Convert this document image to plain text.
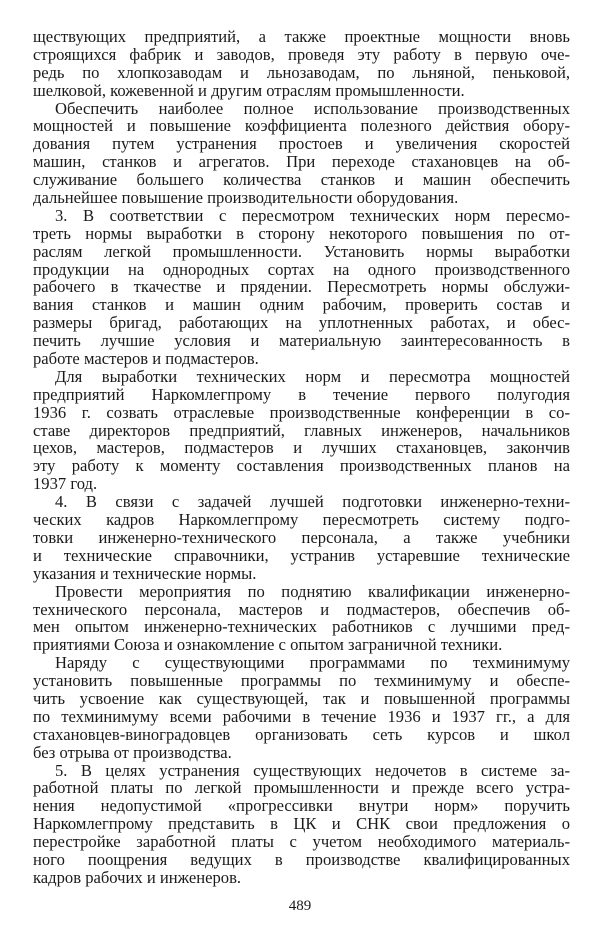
ществующих предприятий, а также проектные мощности вновь
строящихся фабрик и заводов, проведя эту работу в первую оче-
редь по хлопкозаводам и льнозаводам, по льняной, пеньковой,
шелковой, кожевенной и другим отраслям промышленности.
Обеспечить наиболее полное использование производственных
мощностей и повышение коэффициента полезного действия обору-
дования путем устранения простоев и увеличения скоростей
машин, станков и агрегатов. При переходе стахановцев на об-
служивание большего количества станков и машин обеспечить
дальнейшее повышение производительности оборудования.
3. В соответствии с пересмотром технических норм пересмо-
треть нормы выработки в сторону некоторого повышения по от-
раслям легкой промышленности. Установить нормы выработки
продукции на однородных сортах на одного производственного
рабочего в ткачестве и прядении. Пересмотреть нормы обслужи-
вания станков и машин одним рабочим, проверить состав и
размеры бригад, работающих на уплотненных работах, и обес-
печить лучшие условия и материальную заинтересованность в
работе мастеров и подмастеров.
Для выработки технических норм и пересмотра мощностей
предприятий Наркомлегпрому в течение первого полугодия
1936 г. созвать отраслевые производственные конференции в со-
ставе директоров предприятий, главных инженеров, начальников
цехов, мастеров, подмастеров и лучших стахановцев, закончив
эту работу к моменту составления производственных планов на
1937 год.
4. В связи с задачей лучшей подготовки инженерно-техни-
ческих кадров Наркомлегпрому пересмотреть систему подго-
товки инженерно-технического персонала, а также учебники
и технические справочники, устранив устаревшие технические
указания и технические нормы.
Провести мероприятия по поднятию квалификации инженерно-
технического персонала, мастеров и подмастеров, обеспечив об-
мен опытом инженерно-технических работников с лучшими пред-
приятиями Союза и ознакомление с опытом заграничной техники.
Наряду с существующими программами по техминимуму
установить повышенные программы по техминимуму и обеспе-
чить усвоение как существующей, так и повышенной программы
по техминимуму всеми рабочими в течение 1936 и 1937 гг., а для
стахановцев-виноградовцев организовать сеть курсов и школ
без отрыва от производства.
5. В целях устранения существующих недочетов в системе за-
работной платы по легкой промышленности и прежде всего устра-
нения недопустимой «прогрессивки внутри норм» поручить
Наркомлегпрому представить в ЦК и СНК свои предложения о
перестройке заработной платы с учетом необходимого материаль-
ного поощрения ведущих в производстве квалифицированных
кадров рабочих и инженеров.
489
